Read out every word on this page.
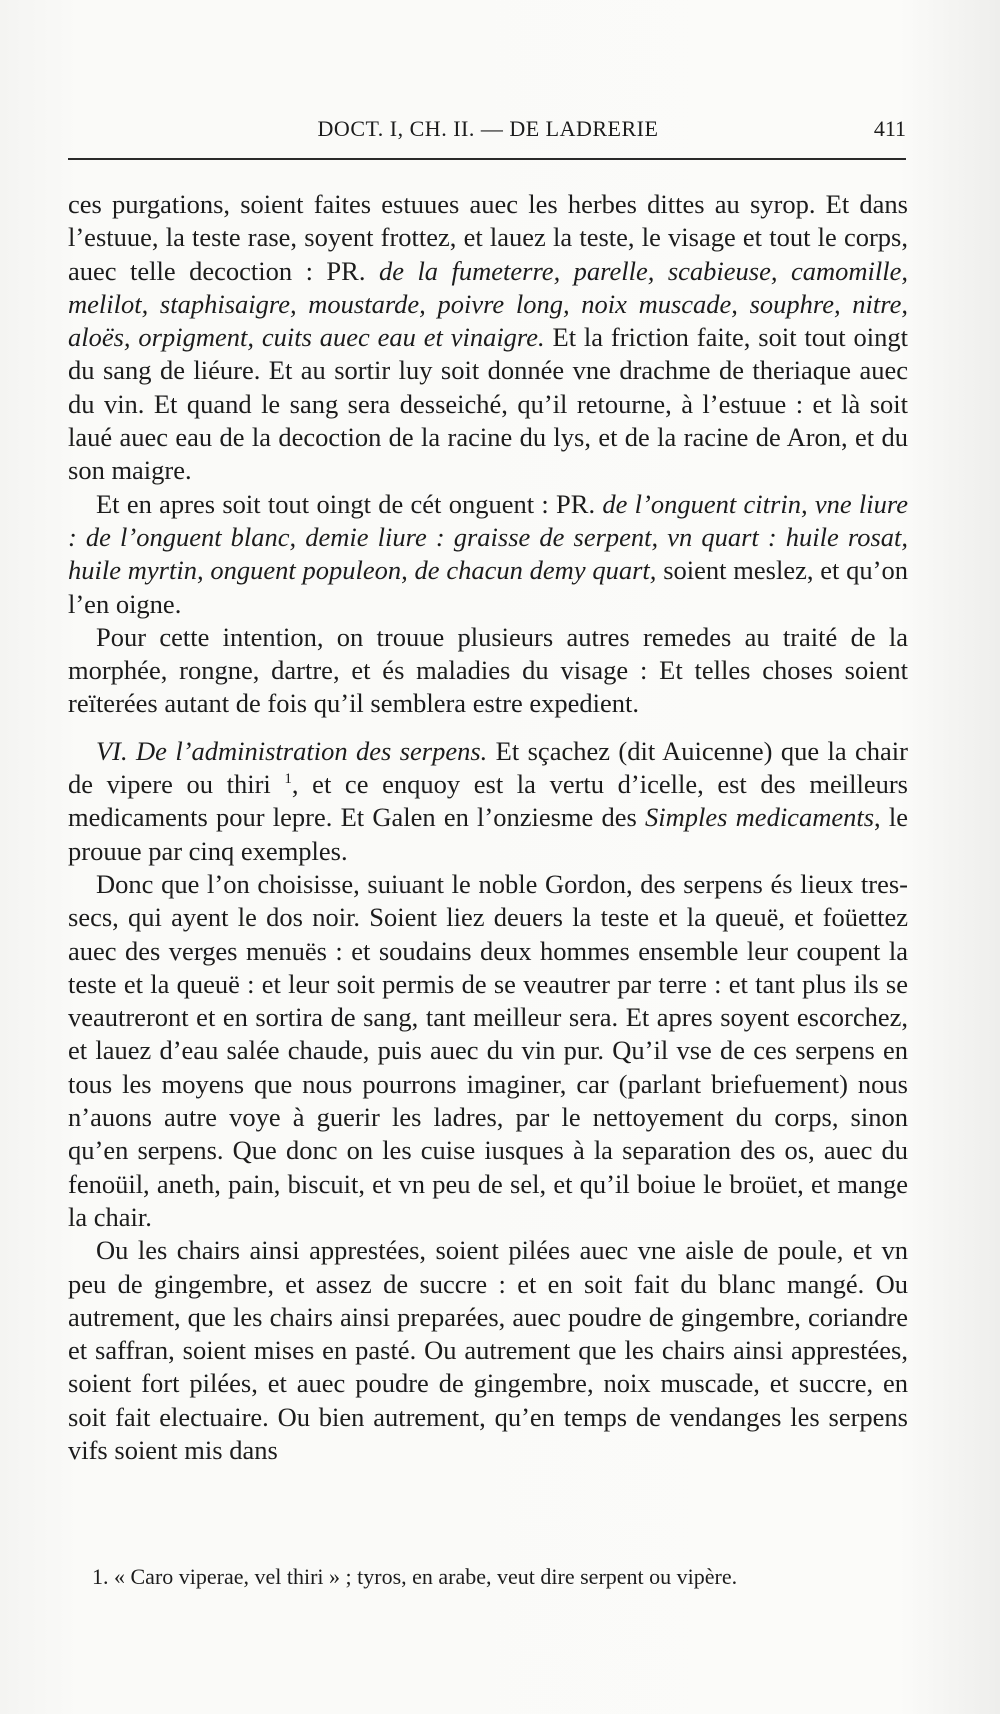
DOCT. I, CH. II. — DE LADRERIE	411

ces purgations, soient faites estuues auec les herbes dittes au syrop. Et dans l’estuue, la teste rase, soyent frottez, et lauez la teste, le visage et tout le corps, auec telle decoction : PR. de la fumeterre, parelle, scabieuse, camomille, melilot, staphisaigre, moustarde, poivre long, noix muscade, souphre, nitre, aloës, orpigment, cuits auec eau et vinaigre. Et la friction faite, soit tout oingt du sang de liéure. Et au sortir luy soit donnée vne drachme de theriaque auec du vin. Et quand le sang sera desseiché, qu’il retourne, à l’estuue : et là soit laué auec eau de la decoction de la racine du lys, et de la racine de Aron, et du son maigre.

Et en apres soit tout oingt de cét onguent : PR. de l’onguent citrin, vne liure : de l’onguent blanc, demie liure : graisse de serpent, vn quart : huile rosat, huile myrtin, onguent populeon, de chacun demy quart, soient meslez, et qu’on l’en oigne.

Pour cette intention, on trouue plusieurs autres remedes au traité de la morphée, rongne, dartre, et és maladies du visage : Et telles choses soient reïterées autant de fois qu’il semblera estre expedient.

VI. De l’administration des serpens. Et sçachez (dit Auicenne) que la chair de vipere ou thiri $^1$, et ce enquoy est la vertu d’icelle, est des meilleurs medicaments pour lepre. Et Galen en l’onziesme des Simples medicaments, le prouue par cinq exemples.

Donc que l’on choisisse, suiuant le noble Gordon, des serpens és lieux tres-secs, qui ayent le dos noir. Soient liez deuers la teste et la queuë, et foüettez auec des verges menuës : et soudains deux hommes ensemble leur coupent la teste et la queuë : et leur soit permis de se veautrer par terre : et tant plus ils se veautreront et en sortira de sang, tant meilleur sera. Et apres soyent escorchez, et lauez d’eau salée chaude, puis auec du vin pur. Qu’il vse de ces serpens en tous les moyens que nous pourrons imaginer, car (parlant briefuement) nous n’auons autre voye à guerir les ladres, par le nettoyement du corps, sinon qu’en serpens. Que donc on les cuise iusques à la separation des os, auec du fenoüil, aneth, pain, biscuit, et vn peu de sel, et qu’il boiue le broüet, et mange la chair.

Ou les chairs ainsi apprestées, soient pilées auec vne aisle de poule, et vn peu de gingembre, et assez de succre : et en soit fait du blanc mangé. Ou autrement, que les chairs ainsi preparées, auec poudre de gingembre, coriandre et saffran, soient mises en pasté. Ou autrement que les chairs ainsi apprestées, soient fort pilées, et auec poudre de gingembre, noix muscade, et succre, en soit fait electuaire. Ou bien autrement, qu’en temps de vendanges les serpens vifs soient mis dans

1. « Caro viperae, vel thiri » ; tyros, en arabe, veut dire serpent ou vipère.
